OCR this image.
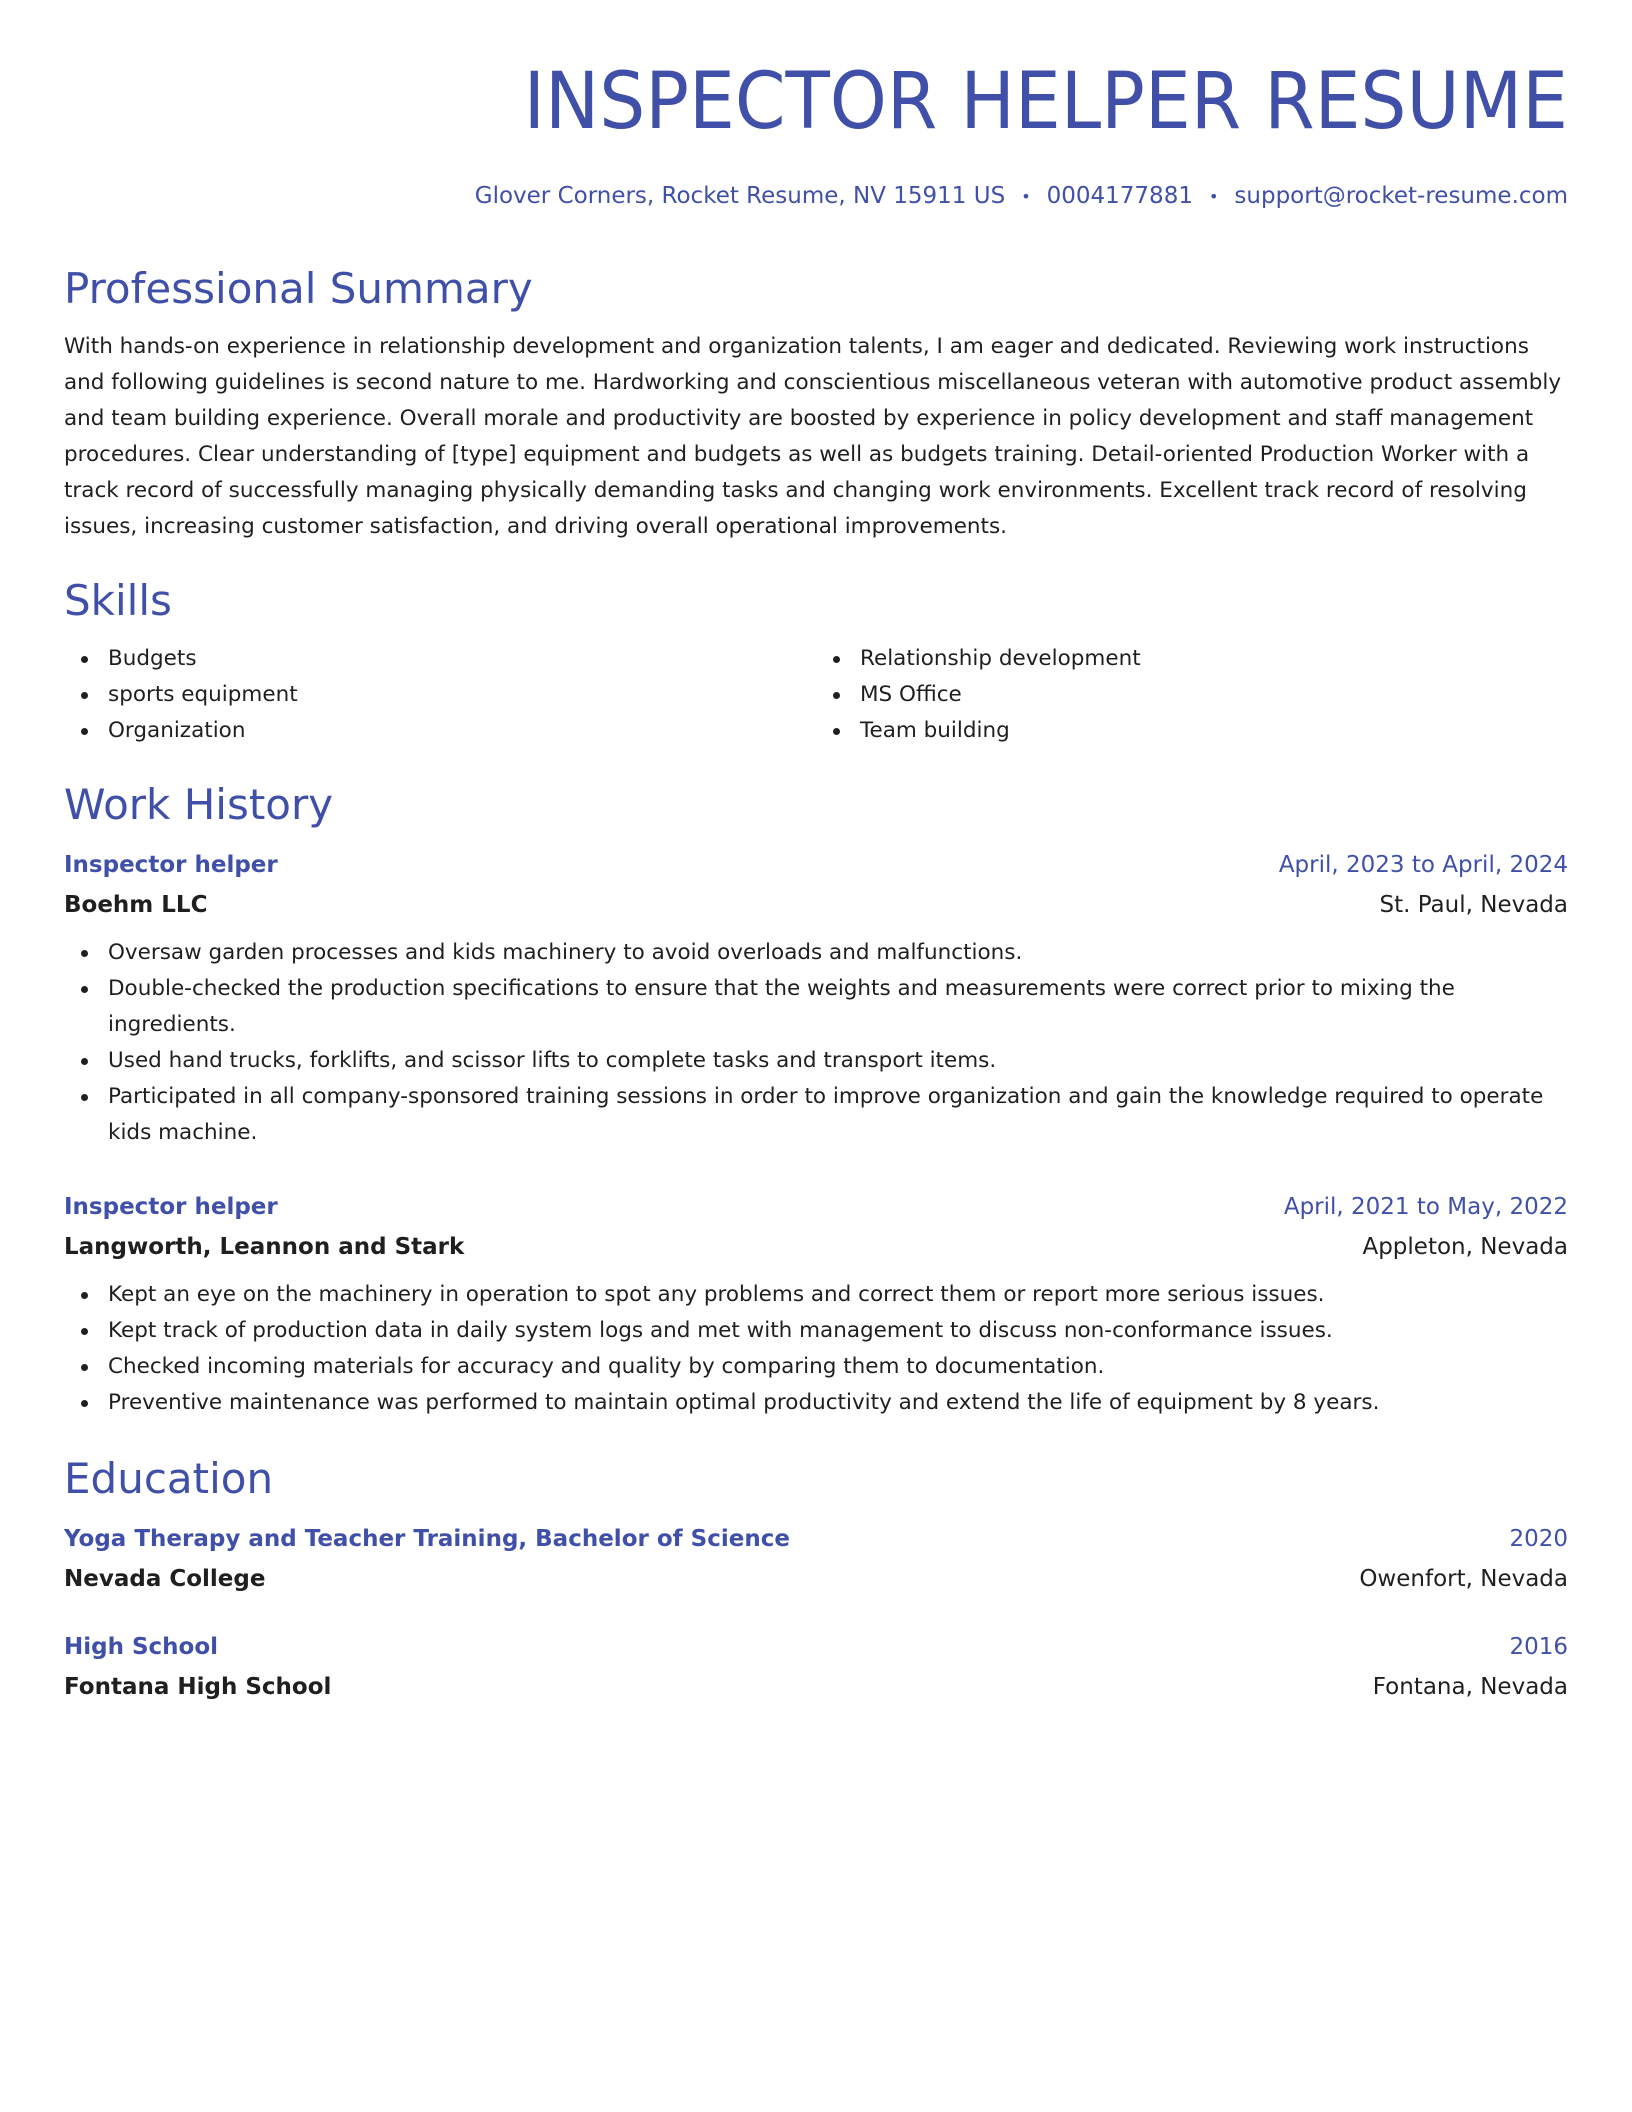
INSPECTOR HELPER RESUME
Glover Corners, Rocket Resume, NV 15911 US • 0004177881 • support@rocket-resume.com
Professional Summary
With hands-on experience in relationship development and organization talents, I am eager and dedicated. Reviewing work instructions and following guidelines is second nature to me. Hardworking and conscientious miscellaneous veteran with automotive product assembly and team building experience. Overall morale and productivity are boosted by experience in policy development and staff management procedures. Clear understanding of [type] equipment and budgets as well as budgets training. Detail-oriented Production Worker with a track record of successfully managing physically demanding tasks and changing work environments. Excellent track record of resolving issues, increasing customer satisfaction, and driving overall operational improvements.
Skills
Budgets
sports equipment
Organization
Relationship development
MS Office
Team building
Work History
Inspector helper	April, 2023 to April, 2024
Boehm LLC	St. Paul, Nevada
Oversaw garden processes and kids machinery to avoid overloads and malfunctions.
Double-checked the production specifications to ensure that the weights and measurements were correct prior to mixing the ingredients.
Used hand trucks, forklifts, and scissor lifts to complete tasks and transport items.
Participated in all company-sponsored training sessions in order to improve organization and gain the knowledge required to operate kids machine.
Inspector helper	April, 2021 to May, 2022
Langworth, Leannon and Stark	Appleton, Nevada
Kept an eye on the machinery in operation to spot any problems and correct them or report more serious issues.
Kept track of production data in daily system logs and met with management to discuss non-conformance issues.
Checked incoming materials for accuracy and quality by comparing them to documentation.
Preventive maintenance was performed to maintain optimal productivity and extend the life of equipment by 8 years.
Education
Yoga Therapy and Teacher Training, Bachelor of Science	2020
Nevada College	Owenfort, Nevada
High School	2016
Fontana High School	Fontana, Nevada
